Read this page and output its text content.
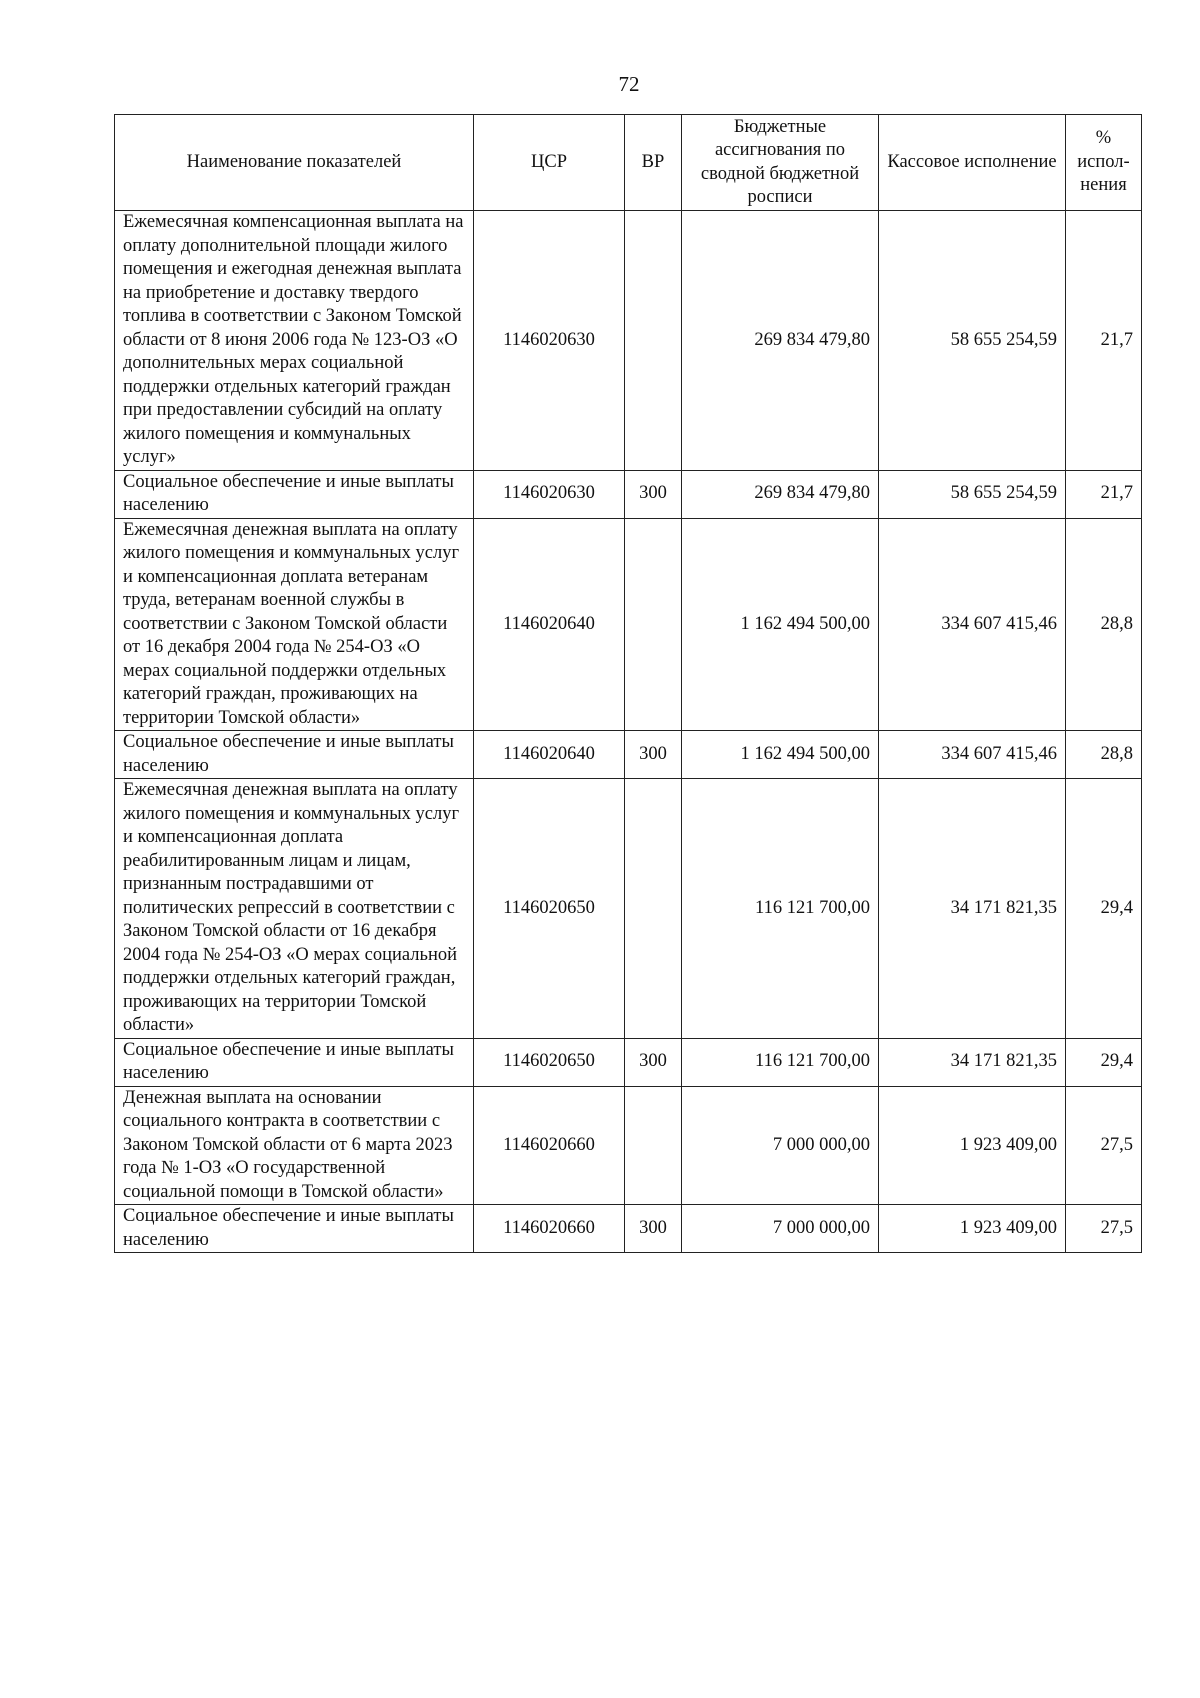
72
Наименование показателей	ЦСР	ВР	Бюджетные ассигнования по сводной бюджетной росписи	Кассовое исполнение	% испол-нения
Ежемесячная компенсационная выплата на оплату дополнительной площади жилого помещения и ежегодная денежная выплата на приобретение и доставку твердого топлива в соответствии с Законом Томской области от 8 июня 2006 года № 123-ОЗ «О дополнительных мерах социальной поддержки отдельных категорий граждан при предоставлении субсидий на оплату жилого помещения и коммунальных услуг»	1146020630		269 834 479,80	58 655 254,59	21,7
Социальное обеспечение и иные выплаты населению	1146020630	300	269 834 479,80	58 655 254,59	21,7
Ежемесячная денежная выплата на оплату жилого помещения и коммунальных услуг и компенсационная доплата ветеранам труда, ветеранам военной службы в соответствии с Законом Томской области от 16 декабря 2004 года № 254-ОЗ «О мерах социальной поддержки отдельных категорий граждан, проживающих на территории Томской области»	1146020640		1 162 494 500,00	334 607 415,46	28,8
Социальное обеспечение и иные выплаты населению	1146020640	300	1 162 494 500,00	334 607 415,46	28,8
Ежемесячная денежная выплата на оплату жилого помещения и коммунальных услуг и компенсационная доплата реабилитированным лицам и лицам, признанным пострадавшими от политических репрессий в соответствии с Законом Томской области от 16 декабря 2004 года № 254-ОЗ «О мерах социальной поддержки отдельных категорий граждан, проживающих на территории Томской области»	1146020650		116 121 700,00	34 171 821,35	29,4
Социальное обеспечение и иные выплаты населению	1146020650	300	116 121 700,00	34 171 821,35	29,4
Денежная выплата на основании социального контракта в соответствии с Законом Томской области от 6 марта 2023 года № 1-ОЗ «О государственной социальной помощи в Томской области»	1146020660		7 000 000,00	1 923 409,00	27,5
Социальное обеспечение и иные выплаты населению	1146020660	300	7 000 000,00	1 923 409,00	27,5
